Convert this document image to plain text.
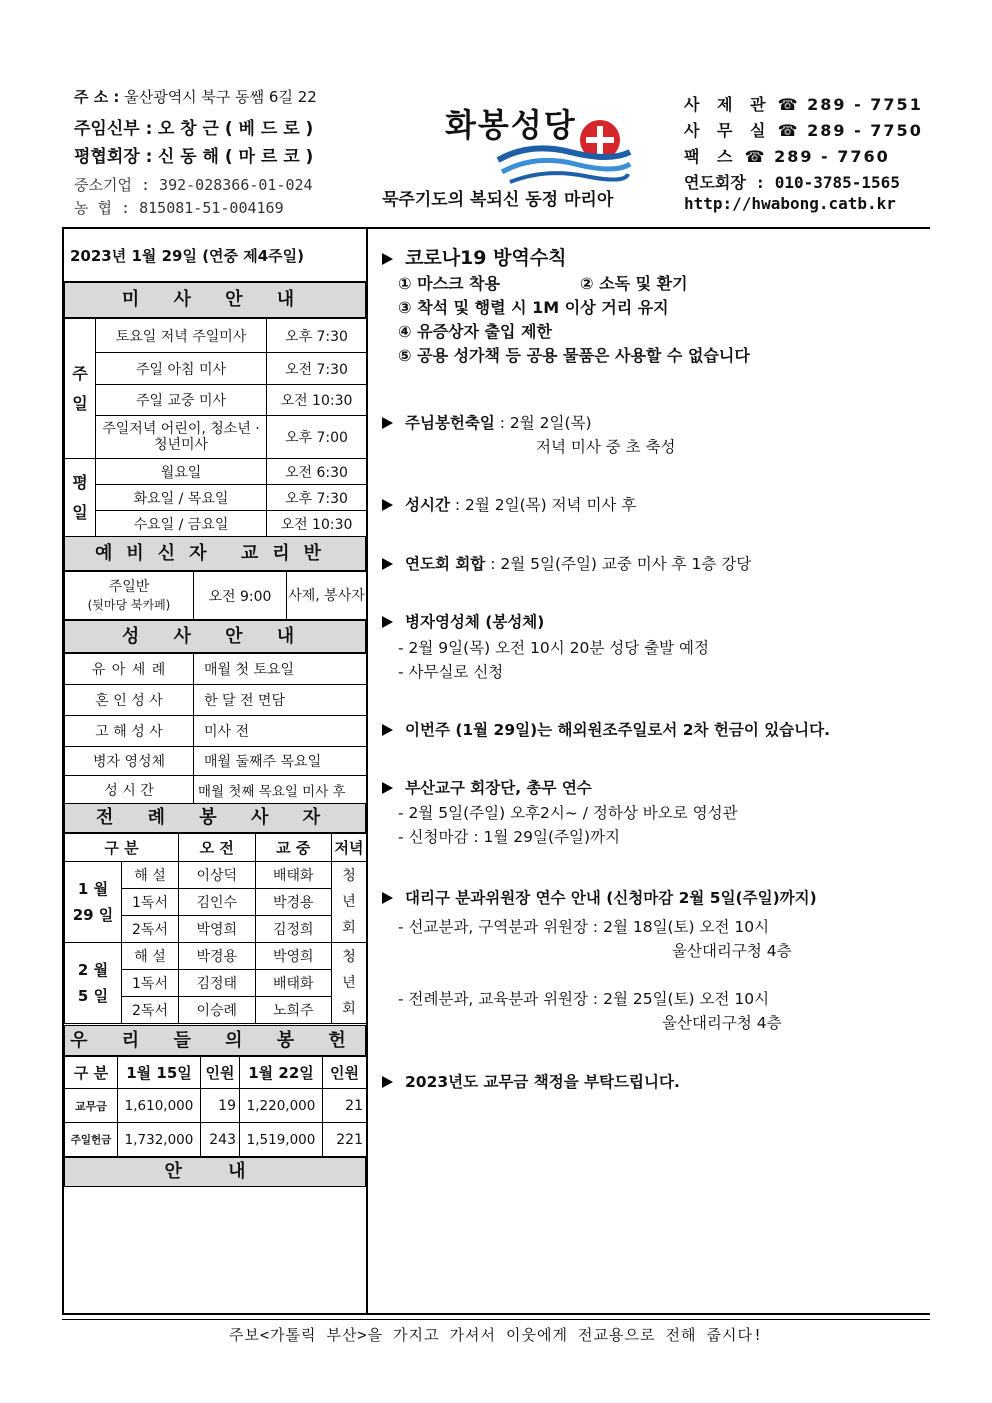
주 소 : 울산광역시 북구 동쌤 6길 22
주임신부 : 오 창 근 ( 베 드 로 )
평협회장 : 신 동 해 ( 마 르 코 )
중소기업 : 392-028366-01-024
농 협 : 815081-51-004169
화봉성당
묵주기도의 복되신 동정 마리아
사 제 관 ☎ 289 - 7751
사 무 실 ☎ 289 - 7750
팩 스 ☎ 289 - 7760
연도회장 : 010-3785-1565
http://hwabong.catb.kr
2023년 1월 29일 (연중 제4주일)
미 사 안 내
주일	토요일 저녁 주일미사	오후 7:30
	주일 아침 미사	오전 7:30
	주일 교중 미사	오전 10:30
	주일저녁 어린이, 청소년 · 청년미사	오후 7:00
평일	월요일	오전 6:30
	화요일 / 목요일	오후 7:30
	수요일 / 금요일	오전 10:30
예비신자 교리반
주일반
(뒷마당 북카페)	오전 9:00	사제, 봉사자
성 사 안 내
유 아 세 례	매월 첫 토요일
혼 인 성 사	한 달 전 면담
고 해 성 사	미사 전
병자 영성체	매월 둘째주 목요일
성 시 간	매월 첫째 목요일 미사 후
전 례 봉 사 자
구 분		오 전	교 중	저녁
1 월 29 일	해 설	이상덕	배태화	청년회
	1독서	김인수	박경용	
	2독서	박영희	김정희	
2 월 5 일	해 설	박경용	박영희	청년회
	1독서	김정태	배태화	
	2독서	이승례	노희주	
우 리 들 의 봉 헌
구 분	1월 15일	인원	1월 22일	인원
교무금	1,610,000	19	1,220,000	21
주일헌금	1,732,000	243	1,519,000	221
안 내
코로나19 방역수칙
① 마스크 착용	② 소독 및 환기
③ 착석 및 행렬 시 1M 이상 거리 유지
④ 유증상자 출입 제한
⑤ 공용 성가책 등 공용 물품은 사용할 수 없습니다
주님봉헌축일 : 2월 2일(목)
저녁 미사 중 초 축성
성시간 : 2월 2일(목) 저녁 미사 후
연도회 회합 : 2월 5일(주일) 교중 미사 후 1층 강당
병자영성체 (봉성체)
- 2월 9일(목) 오전 10시 20분 성당 출발 예정
- 사무실로 신청
이번주 (1월 29일)는 해외원조주일로서 2차 헌금이 있습니다.
부산교구 회장단, 총무 연수
- 2월 5일(주일) 오후2시~ / 정하상 바오로 영성관
- 신청마감 : 1월 29일(주일)까지
대리구 분과위원장 연수 안내 (신청마감 2월 5일(주일)까지)
- 선교분과, 구역분과 위원장 : 2월 18일(토) 오전 10시
울산대리구청 4층
- 전례분과, 교육분과 위원장 : 2월 25일(토) 오전 10시
울산대리구청 4층
2023년도 교무금 책정을 부탁드립니다.
주보<가톨릭 부산>을 가지고 가셔서 이웃에게 전교용으로 전해 줍시다!
